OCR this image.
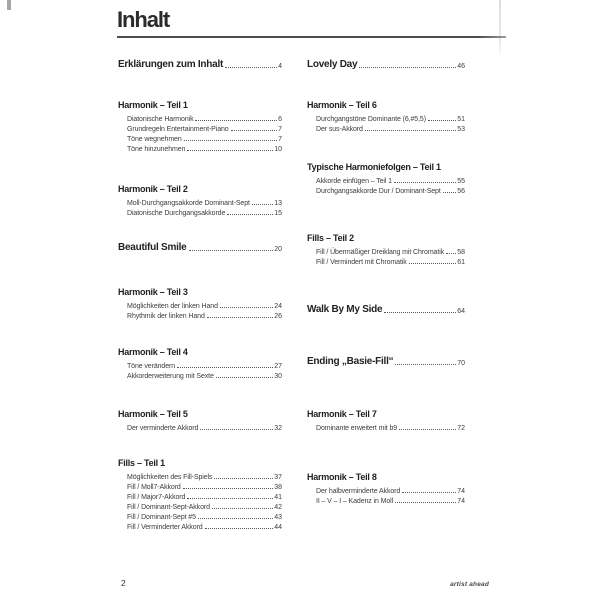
Inhalt
Erklärungen zum Inhalt	4
Harmonik – Teil 1
Diatonische Harmonik	6
Grundregeln Entertainment-Piano	7
Töne wegnehmen	7
Töne hinzunehmen	10
Harmonik – Teil 2
Moll-Durchgangsakkorde Dominant-Sept	13
Diatonische Durchgangsakkorde	15
Beautiful Smile	20
Harmonik – Teil 3
Möglichkeiten der linken Hand	24
Rhythmik der linken Hand	26
Harmonik – Teil 4
Töne verändern	27
Akkorderweiterung mit Sexte	30
Harmonik – Teil 5
Der verminderte Akkord	32
Fills – Teil 1
Möglichkeiten des Fill-Spiels	37
Fill / Moll7-Akkord	38
Fill / Major7-Akkord	41
Fill / Dominant-Sept-Akkord	42
Fill / Dominant-Sept #5	43
Fill / Verminderter Akkord	44
Lovely Day	46
Harmonik – Teil 6
Durchgangstöne Dominante (6,#5,5)	51
Der sus-Akkord	53
Typische Harmoniefolgen – Teil 1
Akkorde einfügen – Teil 1	55
Durchgangsakkorde Dur / Dominant-Sept 56
Fills – Teil 2
Fill / Übermäßiger Dreiklang mit Chromatik 58
Fill / Vermindert mit Chromatik	61
Walk By My Side	64
Ending „Basie-Fill“	70
Harmonik – Teil 7
Dominante erweitert mit b9	72
Harmonik – Teil 8
Der halbverminderte Akkord	74
II – V – I – Kadenz in Moll	74
2	artist ahead
